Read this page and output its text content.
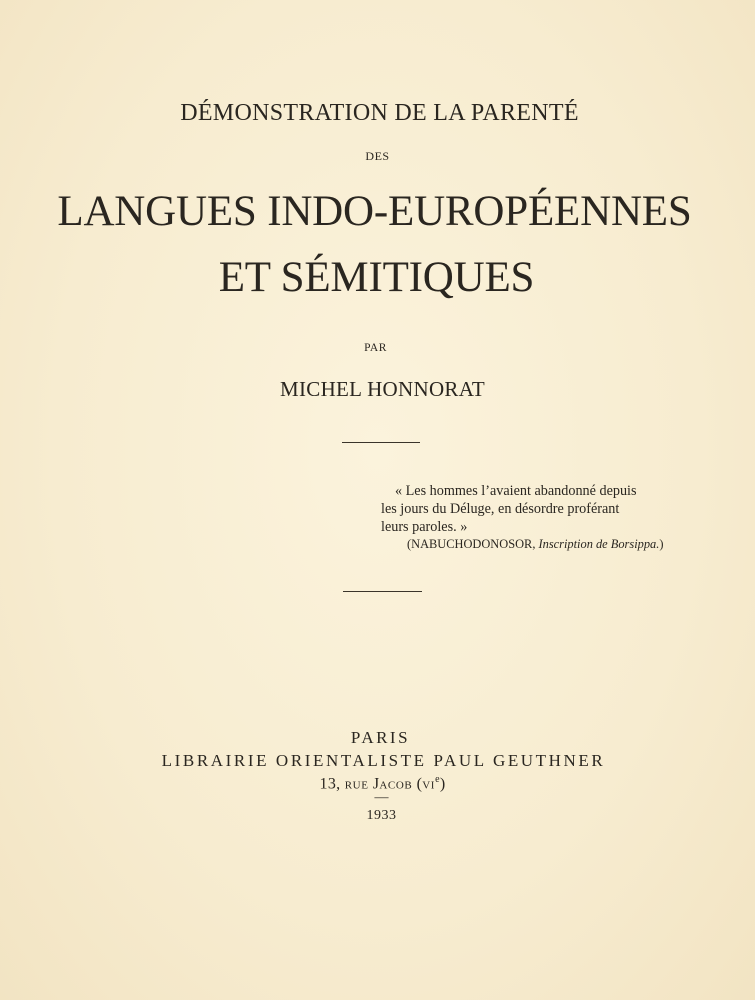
DÉMONSTRATION DE LA PARENTÉ
DES
LANGUES INDO-EUROPÉENNES
ET SÉMITIQUES
PAR
MICHEL HONNORAT
« Les hommes l’avaient abandonné depuis
les jours du Déluge, en désordre proférant
leurs paroles. »
(NABUCHODONOSOR, Inscription de Borsippa.)
PARIS
LIBRAIRIE ORIENTALISTE PAUL GEUTHNER
13, RUE JACOB (VIe)
—
1933
